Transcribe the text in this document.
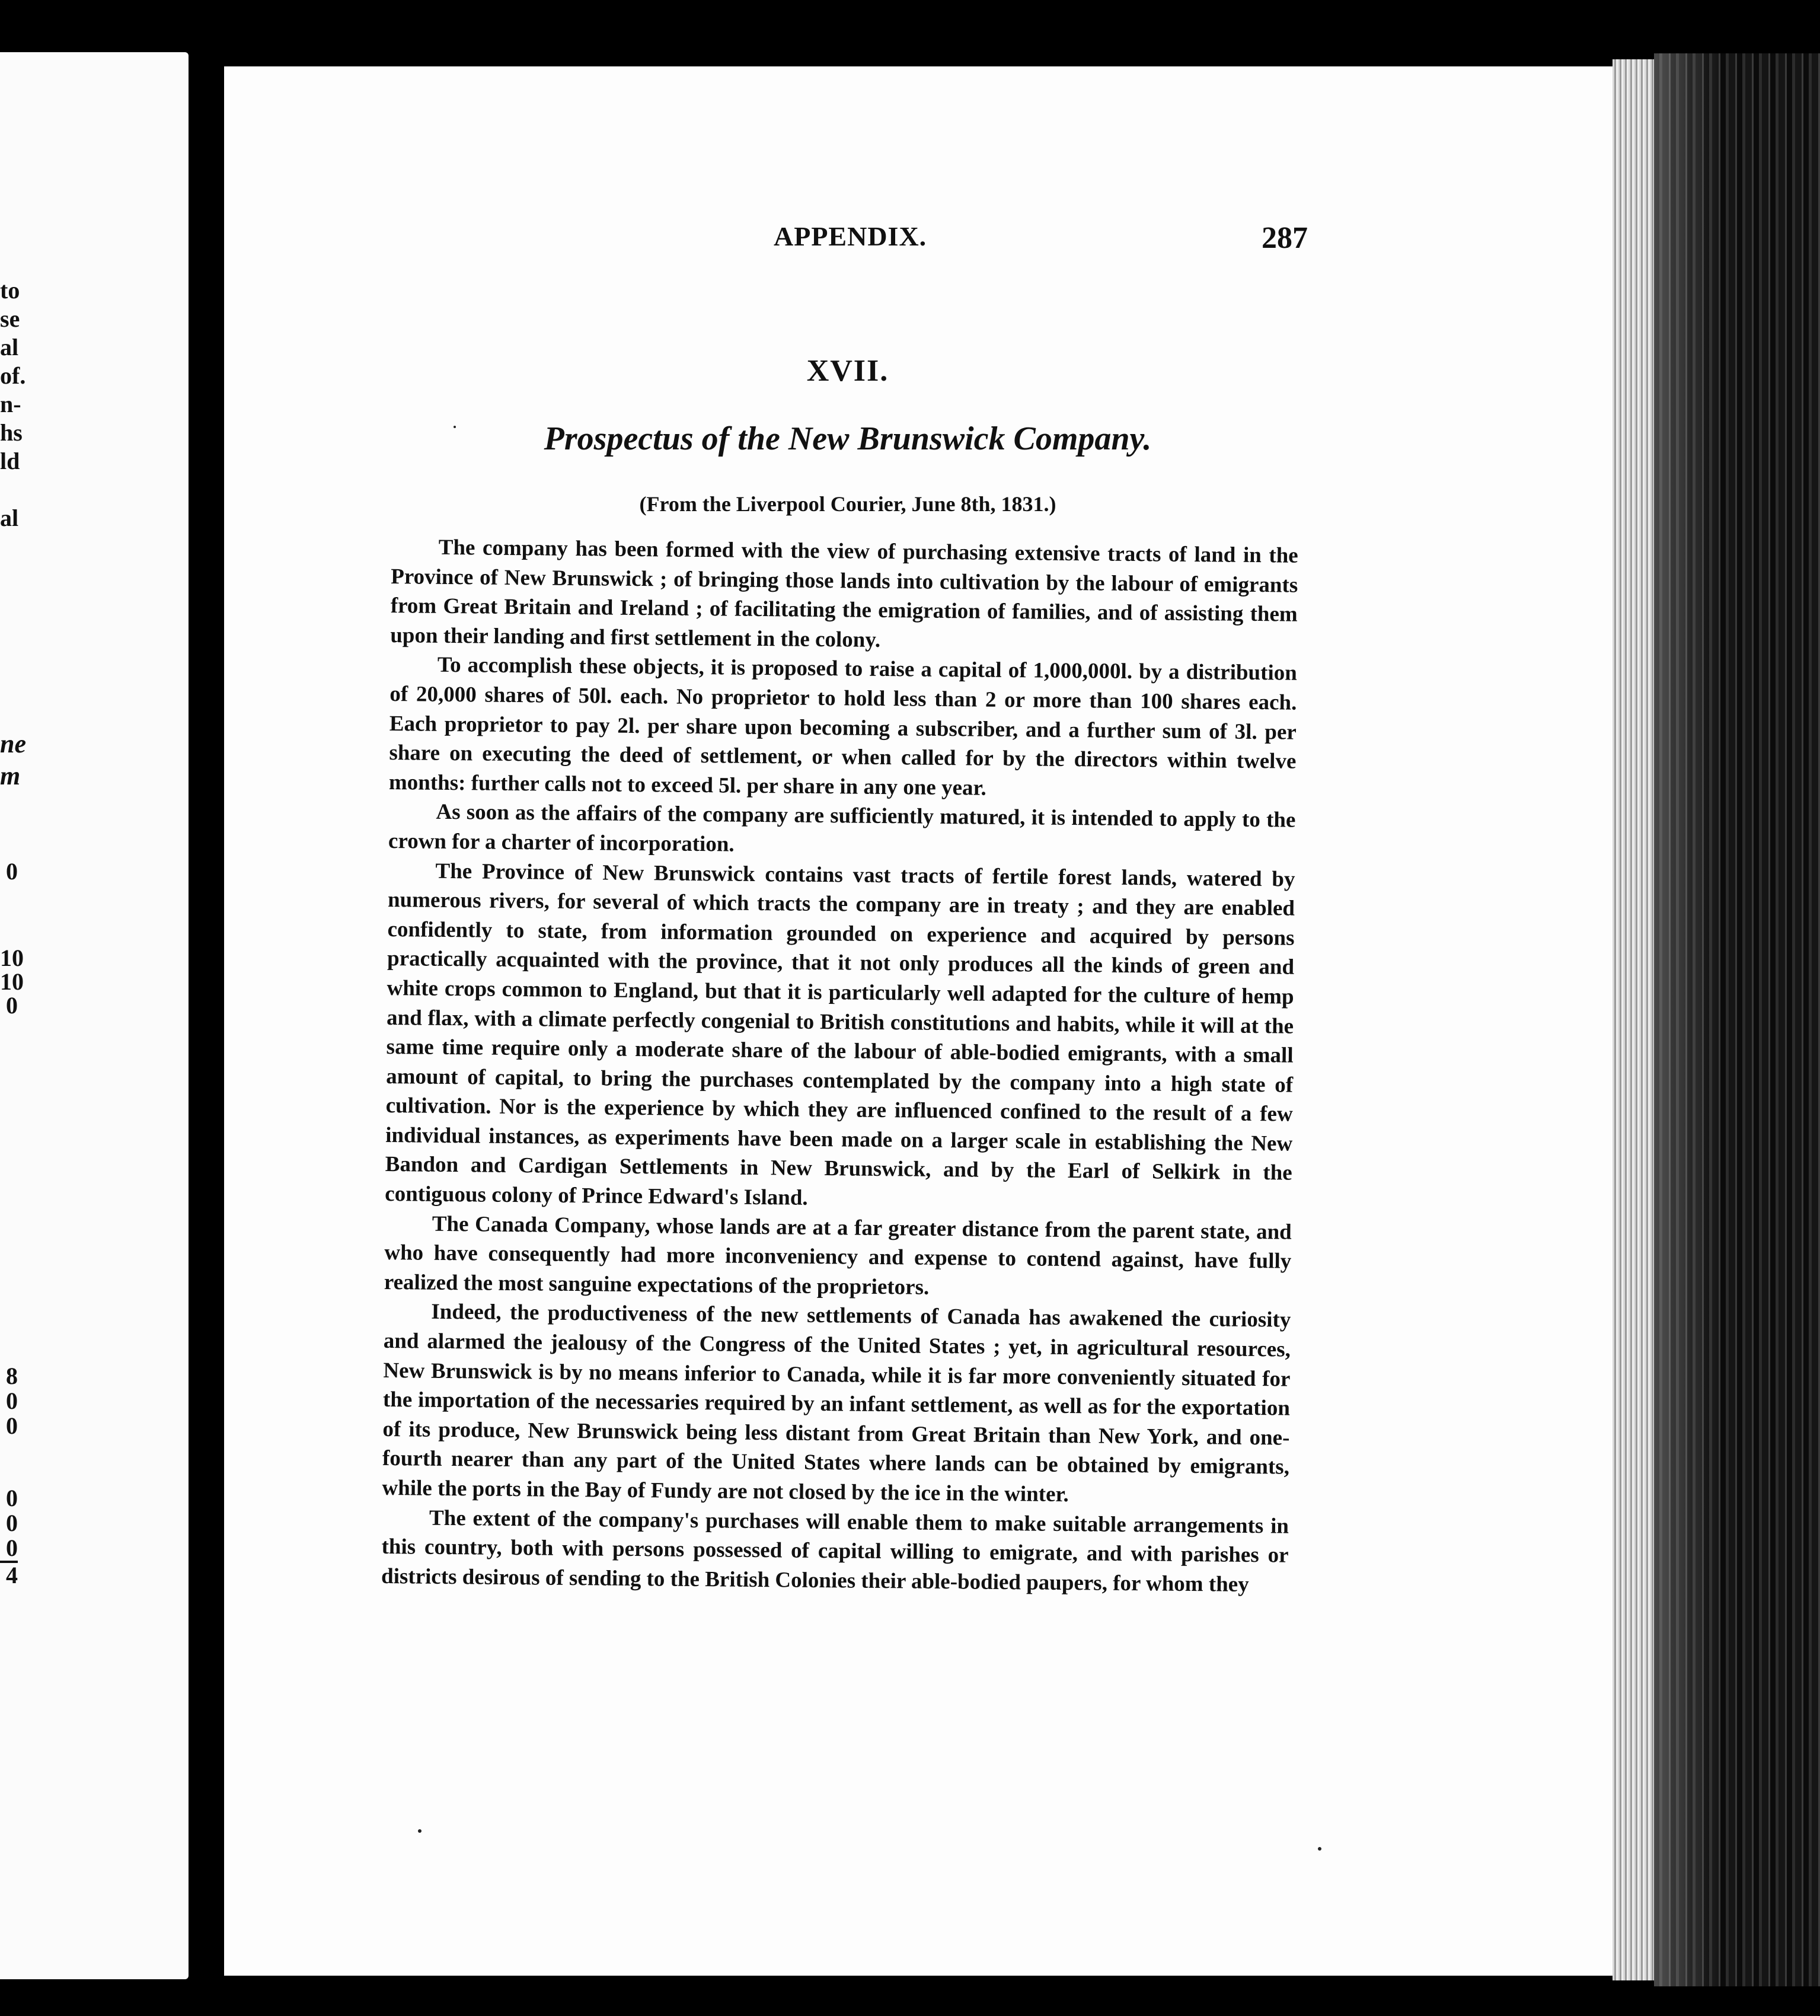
to
se
al
of.
n-
hs
ld

al
ne
m
0
10
10
0
8
0
0
0
0
0
4
APPENDIX.	287
XVII.
Prospectus of the New Brunswick Company.
(From the Liverpool Courier, June 8th, 1831.)

The company has been formed with the view of purchasing extensive tracts of land in the Province of New Brunswick ; of bringing those lands into cultivation by the labour of emigrants from Great Britain and Ireland ; of facilitating the emigration of families, and of assisting them upon their landing and first settlement in the colony.

To accomplish these objects, it is proposed to raise a capital of 1,000,000l. by a distribution of 20,000 shares of 50l. each. No proprietor to hold less than 2 or more than 100 shares each. Each proprietor to pay 2l. per share upon becoming a subscriber, and a further sum of 3l. per share on executing the deed of settlement, or when called for by the directors within twelve months: further calls not to exceed 5l. per share in any one year.

As soon as the affairs of the company are sufficiently matured, it is intended to apply to the crown for a charter of incorporation.

The Province of New Brunswick contains vast tracts of fertile forest lands, watered by numerous rivers, for several of which tracts the company are in treaty ; and they are enabled confidently to state, from information grounded on experience and acquired by persons practically acquainted with the province, that it not only produces all the kinds of green and white crops common to England, but that it is particularly well adapted for the culture of hemp and flax, with a climate perfectly congenial to British constitutions and habits, while it will at the same time require only a moderate share of the labour of able-bodied emigrants, with a small amount of capital, to bring the purchases contemplated by the company into a high state of cultivation. Nor is the experience by which they are influenced confined to the result of a few individual instances, as experiments have been made on a larger scale in establishing the New Bandon and Cardigan Settlements in New Brunswick, and by the Earl of Selkirk in the contiguous colony of Prince Edward's Island.

The Canada Company, whose lands are at a far greater distance from the parent state, and who have consequently had more inconveniency and expense to contend against, have fully realized the most sanguine expectations of the proprietors.

Indeed, the productiveness of the new settlements of Canada has awakened the curiosity and alarmed the jealousy of the Congress of the United States ; yet, in agricultural resources, New Brunswick is by no means inferior to Canada, while it is far more conveniently situated for the importation of the necessaries required by an infant settlement, as well as for the exportation of its produce, New Brunswick being less distant from Great Britain than New York, and one-fourth nearer than any part of the United States where lands can be obtained by emigrants, while the ports in the Bay of Fundy are not closed by the ice in the winter.

The extent of the company's purchases will enable them to make suitable arrangements in this country, both with persons possessed of capital willing to emigrate, and with parishes or districts desirous of sending to the British Colonies their able-bodied paupers, for whom they
